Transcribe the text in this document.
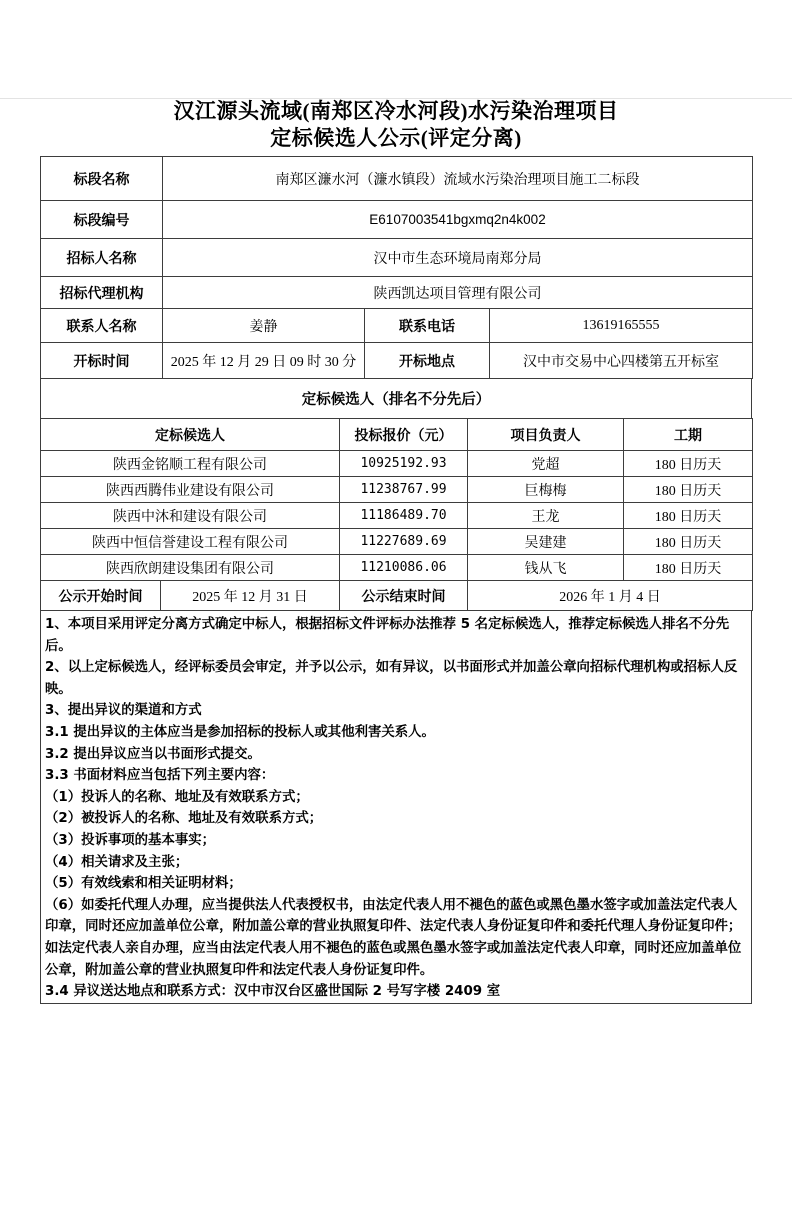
汉江源头流域(南郑区冷水河段)水污染治理项目
定标候选人公示(评定分离)
标段名称	南郑区濂水河（濂水镇段）流域水污染治理项目施工二标段
标段编号	E6107003541bgxmq2n4k002
招标人名称	汉中市生态环境局南郑分局
招标代理机构	陕西凯达项目管理有限公司
联系人名称	姜静	联系电话	13619165555
开标时间	2025 年 12 月 29 日 09 时 30 分	开标地点	汉中市交易中心四楼第五开标室
定标候选人（排名不分先后）
定标候选人	投标报价（元）	项目负责人	工期
陕西金铭顺工程有限公司	10925192.93	党超	180 日历天
陕西西腾伟业建设有限公司	11238767.99	巨梅梅	180 日历天
陕西中沐和建设有限公司	11186489.70	王龙	180 日历天
陕西中恒信誉建设工程有限公司	11227689.69	吴建建	180 日历天
陕西欣朗建设集团有限公司	11210086.06	钱从飞	180 日历天
公示开始时间	2025 年 12 月 31 日	公示结束时间	2026 年 1 月 4 日

1、本项目采用评定分离方式确定中标人，根据招标文件评标办法推荐 5 名定标候选人，推荐定标候选人排名不分先后。

2、以上定标候选人，经评标委员会审定，并予以公示，如有异议，以书面形式并加盖公章向招标代理机构或招标人反映。

3、提出异议的渠道和方式

3.1 提出异议的主体应当是参加招标的投标人或其他利害关系人。

3.2 提出异议应当以书面形式提交。

3.3 书面材料应当包括下列主要内容：

（1）投诉人的名称、地址及有效联系方式；

（2）被投诉人的名称、地址及有效联系方式；

（3）投诉事项的基本事实；

（4）相关请求及主张；

（5）有效线索和相关证明材料；

（6）如委托代理人办理，应当提供法人代表授权书，由法定代表人用不褪色的蓝色或黑色墨水签字或加盖法定代表人印章，同时还应加盖单位公章，附加盖公章的营业执照复印件、法定代表人身份证复印件和委托代理人身份证复印件；如法定代表人亲自办理，应当由法定代表人用不褪色的蓝色或黑色墨水签字或加盖法定代表人印章，同时还应加盖单位公章，附加盖公章的营业执照复印件和法定代表人身份证复印件。

3.4 异议送达地点和联系方式：汉中市汉台区盛世国际 2 号写字楼 2409 室
